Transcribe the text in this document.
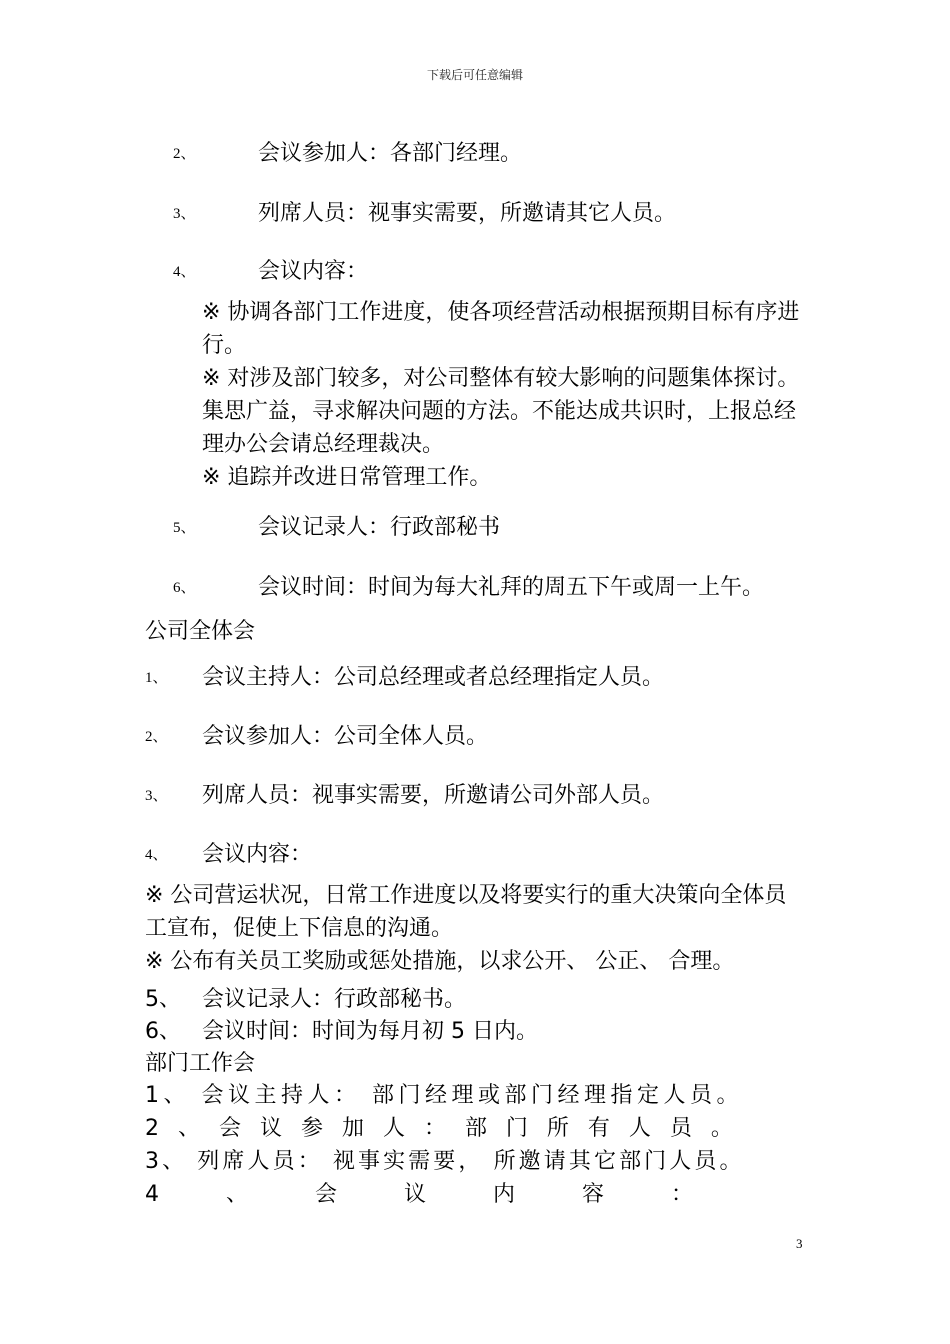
下载后可任意编辑
2、	会议参加人：各部门经理。
3、	列席人员：视事实需要，所邀请其它人员。
4、	会议内容：
※ 协调各部门工作进度，使各项经营活动根据预期目标有序进行。
※ 对涉及部门较多，对公司整体有较大影响的问题集体探讨。集思广益，寻求解决问题的方法。不能达成共识时，上报总经理办公会请总经理裁决。
※ 追踪并改进日常管理工作。
5、	会议记录人：行政部秘书
6、	会议时间：时间为每大礼拜的周五下午或周一上午。
公司全体会
1、 会议主持人：公司总经理或者总经理指定人员。
2、 会议参加人：公司全体人员。
3、 列席人员：视事实需要，所邀请公司外部人员。
4、 会议内容：
※ 公司营运状况，日常工作进度以及将要实行的重大决策向全体员工宣布，促使上下信息的沟通。
※ 公布有关员工奖励或惩处措施，以求公开、 公正、 合理。
5、 会议记录人：行政部秘书。
6、 会议时间：时间为每月初 5 日内。
部门工作会
1、 会议主持人： 部门经理或部门经理指定人员。
2 、 会 议 参 加 人 ： 部 门 所 有 人 员 。
3、 列席人员： 视事实需要， 所邀请其它部门人员。
4 、 会 议 内 容 ：
3
